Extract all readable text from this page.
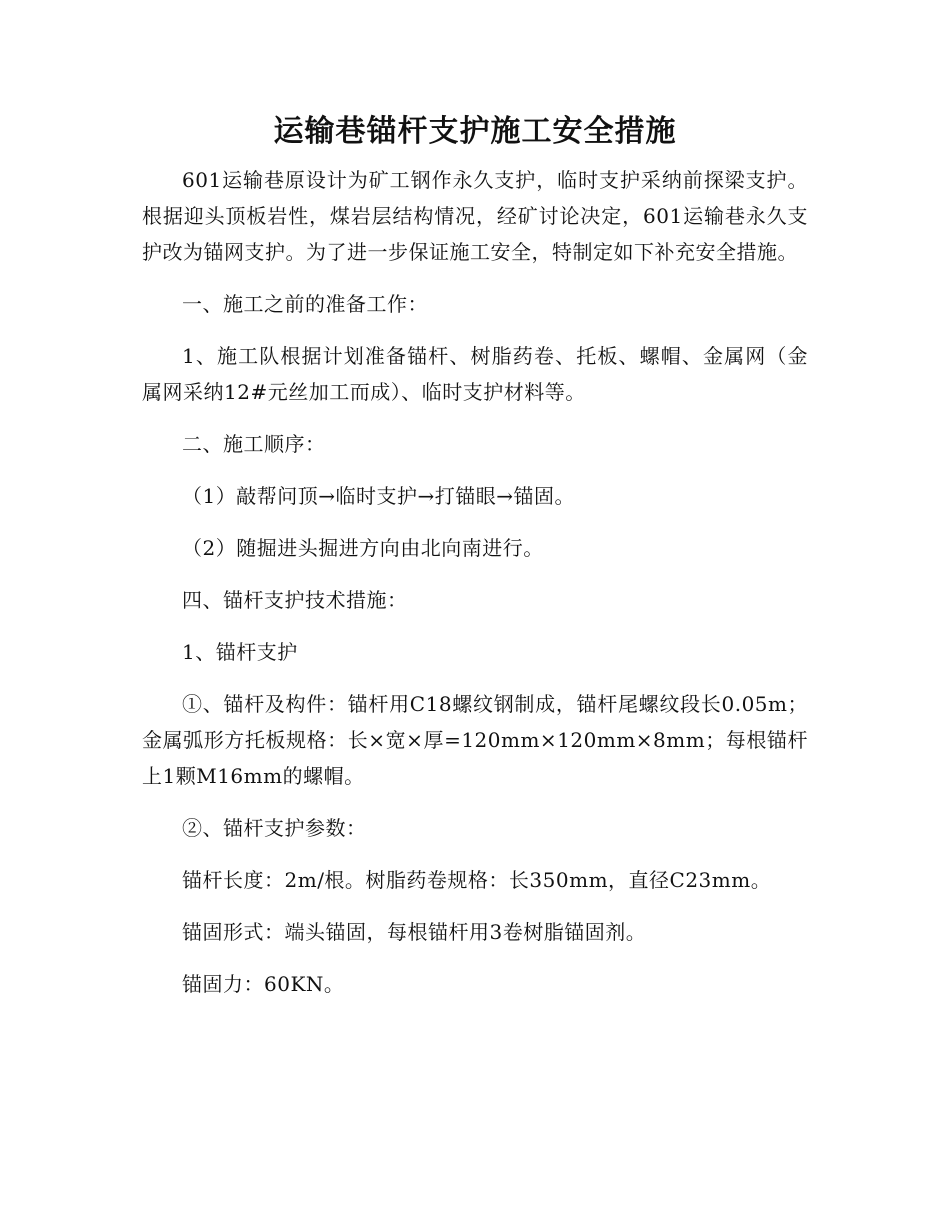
运输巷锚杆支护施工安全措施

601运输巷原设计为矿工钢作永久支护，临时支护采纳前探梁支护。根据迎头顶板岩性，煤岩层结构情况，经矿讨论决定，601运输巷永久支护改为锚网支护。为了进一步保证施工安全，特制定如下补充安全措施。

一、施工之前的准备工作：

1、施工队根据计划准备锚杆、树脂药卷、托板、螺帽、金属网（金属网采纳12#元丝加工而成）、临时支护材料等。

二、施工顺序：

（1）敲帮问顶→临时支护→打锚眼→锚固。

（2）随掘进头掘进方向由北向南进行。

四、锚杆支护技术措施：

1、锚杆支护

①、锚杆及构件：锚杆用Ⅽ18螺纹钢制成，锚杆尾螺纹段长0.05m；金属弧形方托板规格：长×宽×厚=120mm×120mm×8mm；每根锚杆上1颗M16mm的螺帽。

②、锚杆支护参数：

锚杆长度：2m/根。树脂药卷规格：长350mm，直径Ⅽ23mm。

锚固形式：端头锚固，每根锚杆用3卷树脂锚固剂。

锚固力：60KN。
